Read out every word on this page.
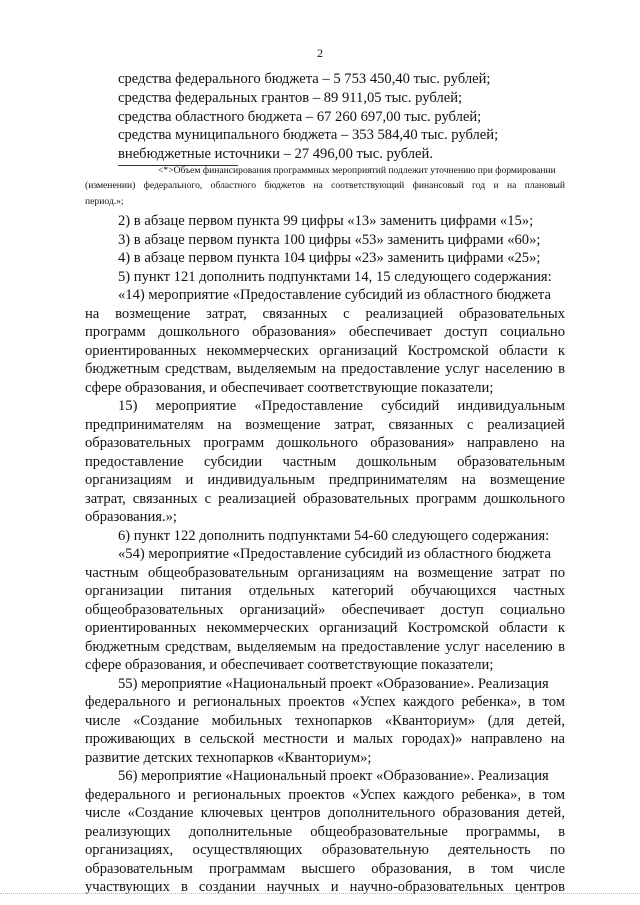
2
средства федерального бюджета – 5 753 450,40 тыс. рублей;
средства федеральных грантов – 89 911,05 тыс. рублей;
средства областного бюджета – 67 260 697,00 тыс. рублей;
средства муниципального бюджета – 353 584,40 тыс. рублей;
внебюджетные источники – 27 496,00 тыс. рублей.
<*>Объем финансирования программных мероприятий подлежит уточнению при формировании
(изменении) федерального, областного бюджетов на соответствующий финансовый год и на плановый
период.»;
2) в абзаце первом пункта 99 цифры «13» заменить цифрами «15»;
3) в абзаце первом пункта 100 цифры «53» заменить цифрами «60»;
4) в абзаце первом пункта 104 цифры «23» заменить цифрами «25»;
5) пункт 121 дополнить подпунктами 14, 15 следующего содержания:
«14) мероприятие «Предоставление субсидий из областного бюджета
на возмещение затрат, связанных с реализацией образовательных
программ дошкольного образования» обеспечивает доступ социально
ориентированных некоммерческих организаций Костромской области к
бюджетным средствам, выделяемым на предоставление услуг населению в
сфере образования, и обеспечивает соответствующие показатели;
15) мероприятие «Предоставление субсидий индивидуальным
предпринимателям на возмещение затрат, связанных с реализацией
образовательных программ дошкольного образования» направлено на
предоставление субсидии частным дошкольным образовательным
организациям и индивидуальным предпринимателям на возмещение
затрат, связанных с реализацией образовательных программ дошкольного
образования.»;
6) пункт 122 дополнить подпунктами 54-60 следующего содержания:
«54) мероприятие «Предоставление субсидий из областного бюджета
частным общеобразовательным организациям на возмещение затрат по
организации питания отдельных категорий обучающихся частных
общеобразовательных организаций» обеспечивает доступ социально
ориентированных некоммерческих организаций Костромской области к
бюджетным средствам, выделяемым на предоставление услуг населению в
сфере образования, и обеспечивает соответствующие показатели;
55) мероприятие «Национальный проект «Образование». Реализация
федерального и региональных проектов «Успех каждого ребенка», в том
числе «Создание мобильных технопарков «Кванториум» (для детей,
проживающих в сельской местности и малых городах)» направлено на
развитие детских технопарков «Кванториум»;
56) мероприятие «Национальный проект «Образование». Реализация
федерального и региональных проектов «Успех каждого ребенка», в том
числе «Создание ключевых центров дополнительного образования детей,
реализующих дополнительные общеобразовательные программы, в
организациях, осуществляющих образовательную деятельность по
образовательным программам высшего образования, в том числе
участвующих в создании научных и научно-образовательных центров
